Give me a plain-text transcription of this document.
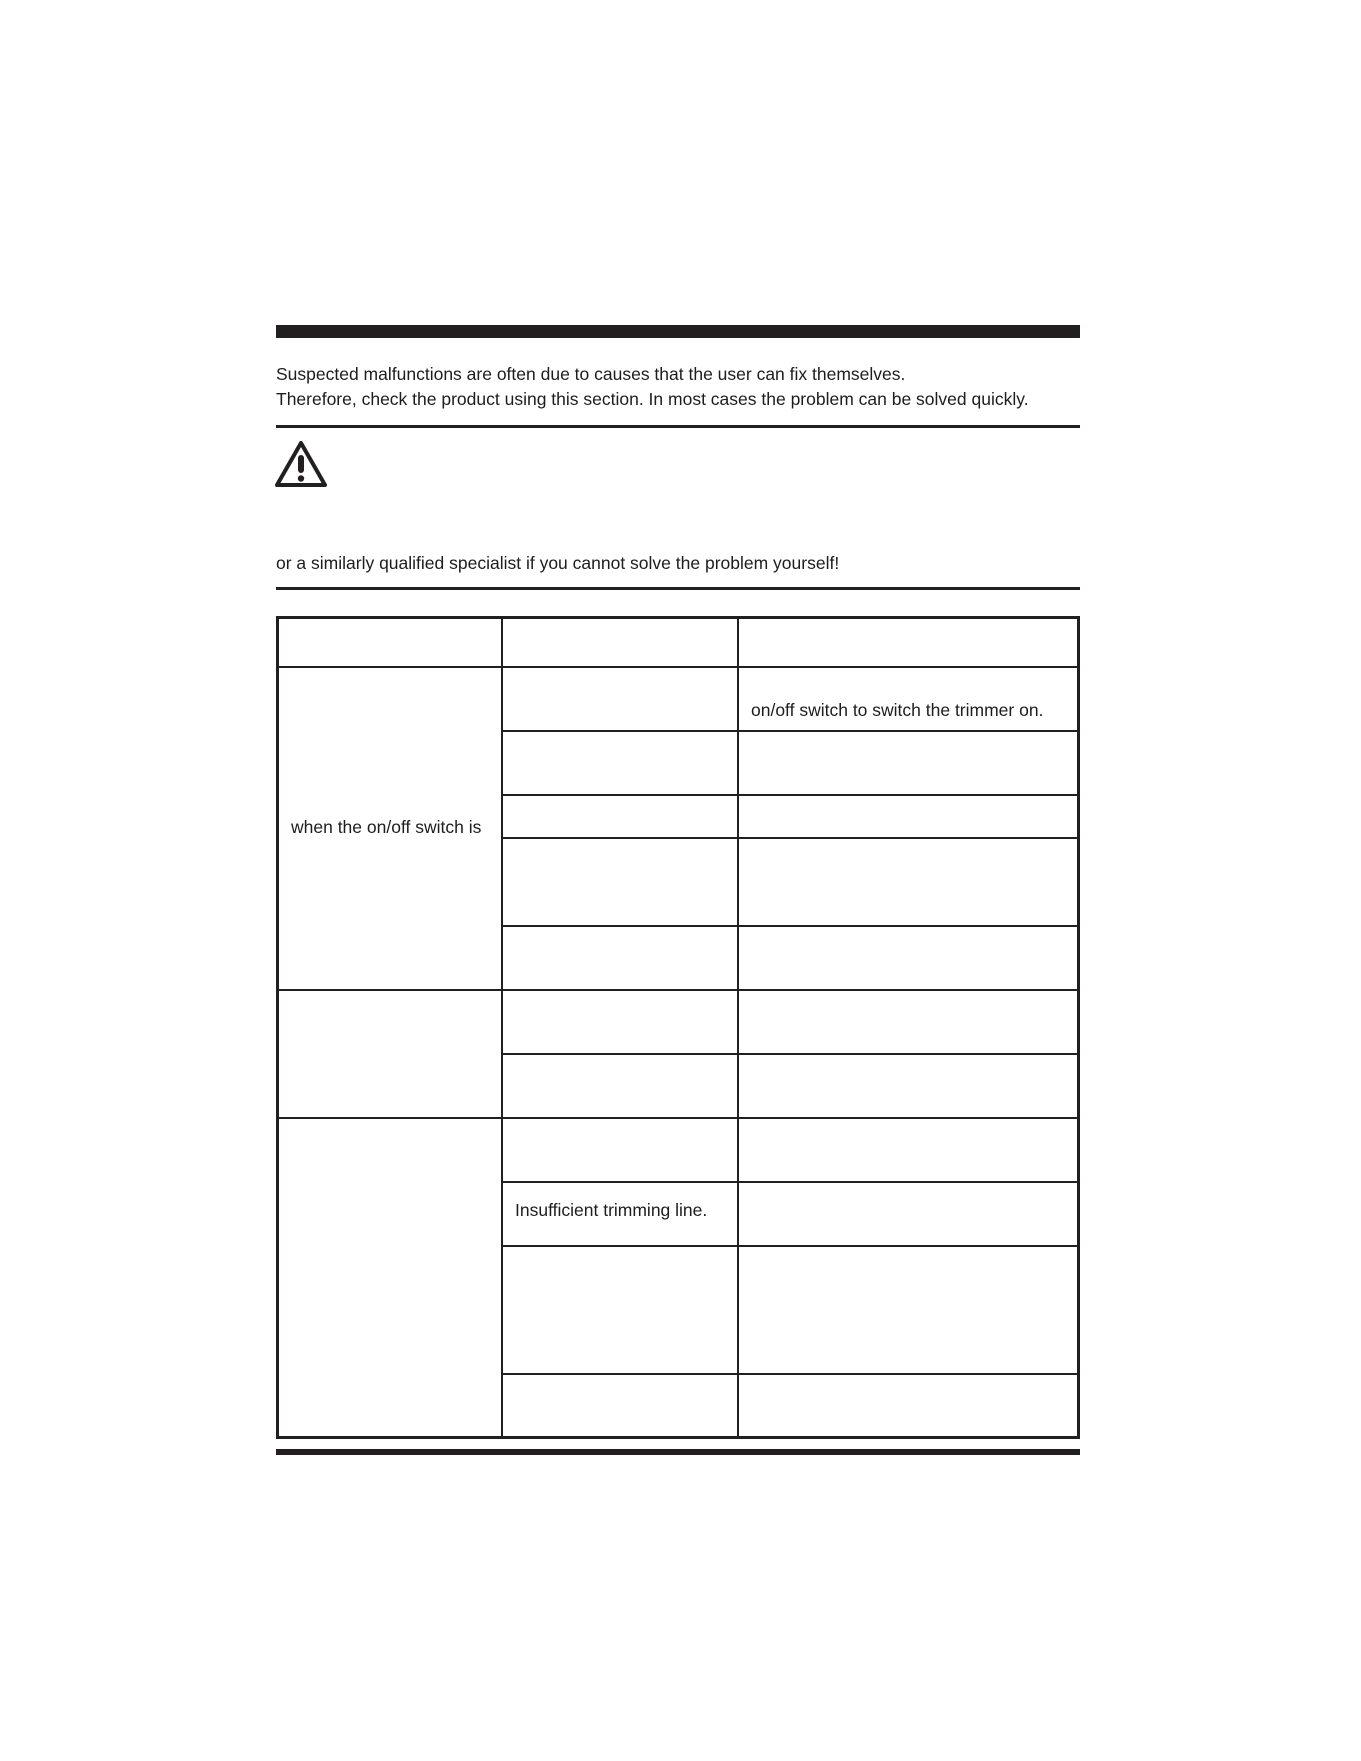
Suspected malfunctions are often due to causes that the user can fix themselves.

Therefore, check the product using this section. In most cases the problem can be solved quickly.

or a similarly qualified specialist if you cannot solve the problem yourself!

on/off switch to switch the trimmer on.

when the on/off switch is

Insufficient trimming line.
